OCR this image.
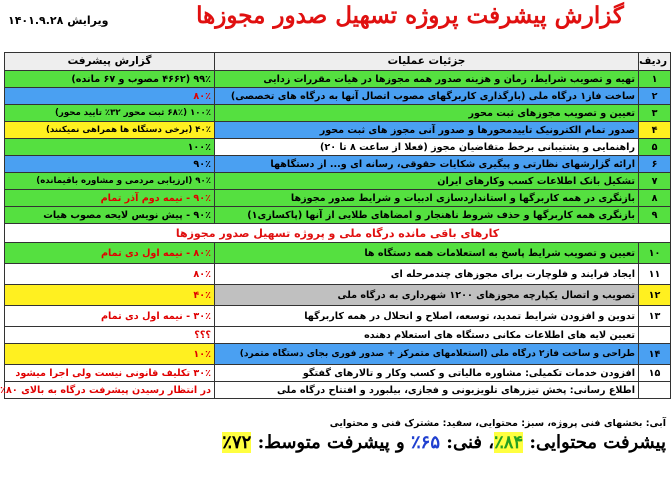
گزارش پیشرفت پروژه تسهیل صدور مجوزها
ویرایش ۱۴۰۱.۹.۲۸
ردیف	جزئیات عملیات	گزارش پیشرفت
۱	تهیه و تصویب شرایط، زمان و هزینه صدور همه مجوزها در هیات مقررات زدایی	۹۹٪ (۴۶۶۲ مصوب و ۶۷ مانده)
۲	ساخت فاز۱ درگاه ملی (بارگذاری کاربرگهای مصوب اتصال آنها به درگاه های تخصصی)	۸۰٪
۳	تعیین و تصویب مجوزهای ثبت محور	۱۰۰٪ (۶۸٪ ثبت محور ۳۲٪ تایید محور)
۴	صدور تمام الکترونیک تاییدمحورها و صدور آنی مجوز های ثبت محور	۴۰٪ (برخی دستگاه ها همراهی نمیکنند)
۵	راهنمایی و پشتیبانی برخط متقاضیان مجوز (فعلا از ساعت ۸ تا ۲۰)	۱۰۰٪
۶	ارائه گزارشهای نظارتی و پیگیری شکایات حقوقی، رسانه ای و... از دستگاهها	۹۰٪
۷	تشکیل بانک اطلاعات کسب وکارهای ایران	۹۰٪ (ارزیابی مردمی و مشاوره باقیمانده)
۸	بازنگری در همه کاربرگها و استانداردسازی ادبیات و شرایط صدور مجوزها	۹۰٪ - نیمه دوم آذر تمام
۹	بازنگری همه کاربرگها و حذف شروط ناهنجار و امضاهای طلایی از آنها (پاکسازی۱)	۹۰٪ - پیش نویس لایحه مصوب هیات
کارهای باقی مانده درگاه ملی و پروژه تسهیل صدور مجوزها		
۱۰	تعیین و تصویب شرایط پاسخ به استعلامات همه دستگاه ها	۸۰٪ - نیمه اول دی تمام
۱۱	ایجاد فرایند و فلوچارت برای مجوزهای چندمرحله ای	۸۰٪
۱۲	تصویب و اتصال یکپارچه مجوزهای ۱۲۰۰ شهرداری به درگاه ملی	۴۰٪
۱۳	تدوین و افزودن شرایط تمدید، توسعه، اصلاح و انحلال در همه کاربرگها	۳۰٪ - نیمه اول دی تمام
	تعیین لایه های اطلاعات مکانی دستگاه های استعلام دهنده	؟؟؟
۱۴	طراحی و ساخت فاز۲ درگاه ملی (استعلامهای متمرکز + صدور فوری بجای دستگاه متمرد)	۱۰٪
۱۵	افزودن خدمات تکمیلی: مشاوره مالیاتی و کسب وکار و تالارهای گفتگو	۳۰٪ تکلیف قانونی نیست ولی اجرا میشود
	اطلاع رسانی: پخش تیزرهای تلویزیونی و فجازی، بیلبورد و افتتاح درگاه ملی	در انتظار رسیدن پیشرفت درگاه به بالای ۸۰٪
آبی: بخشهای فنی پروژه، سبز: محتوایی، سفید: مشترک فنی و محتوایی
پیشرفت محتوایی: ۸۴٪، فنی: ۶۵٪ و پیشرفت متوسط: ۷۲٪
